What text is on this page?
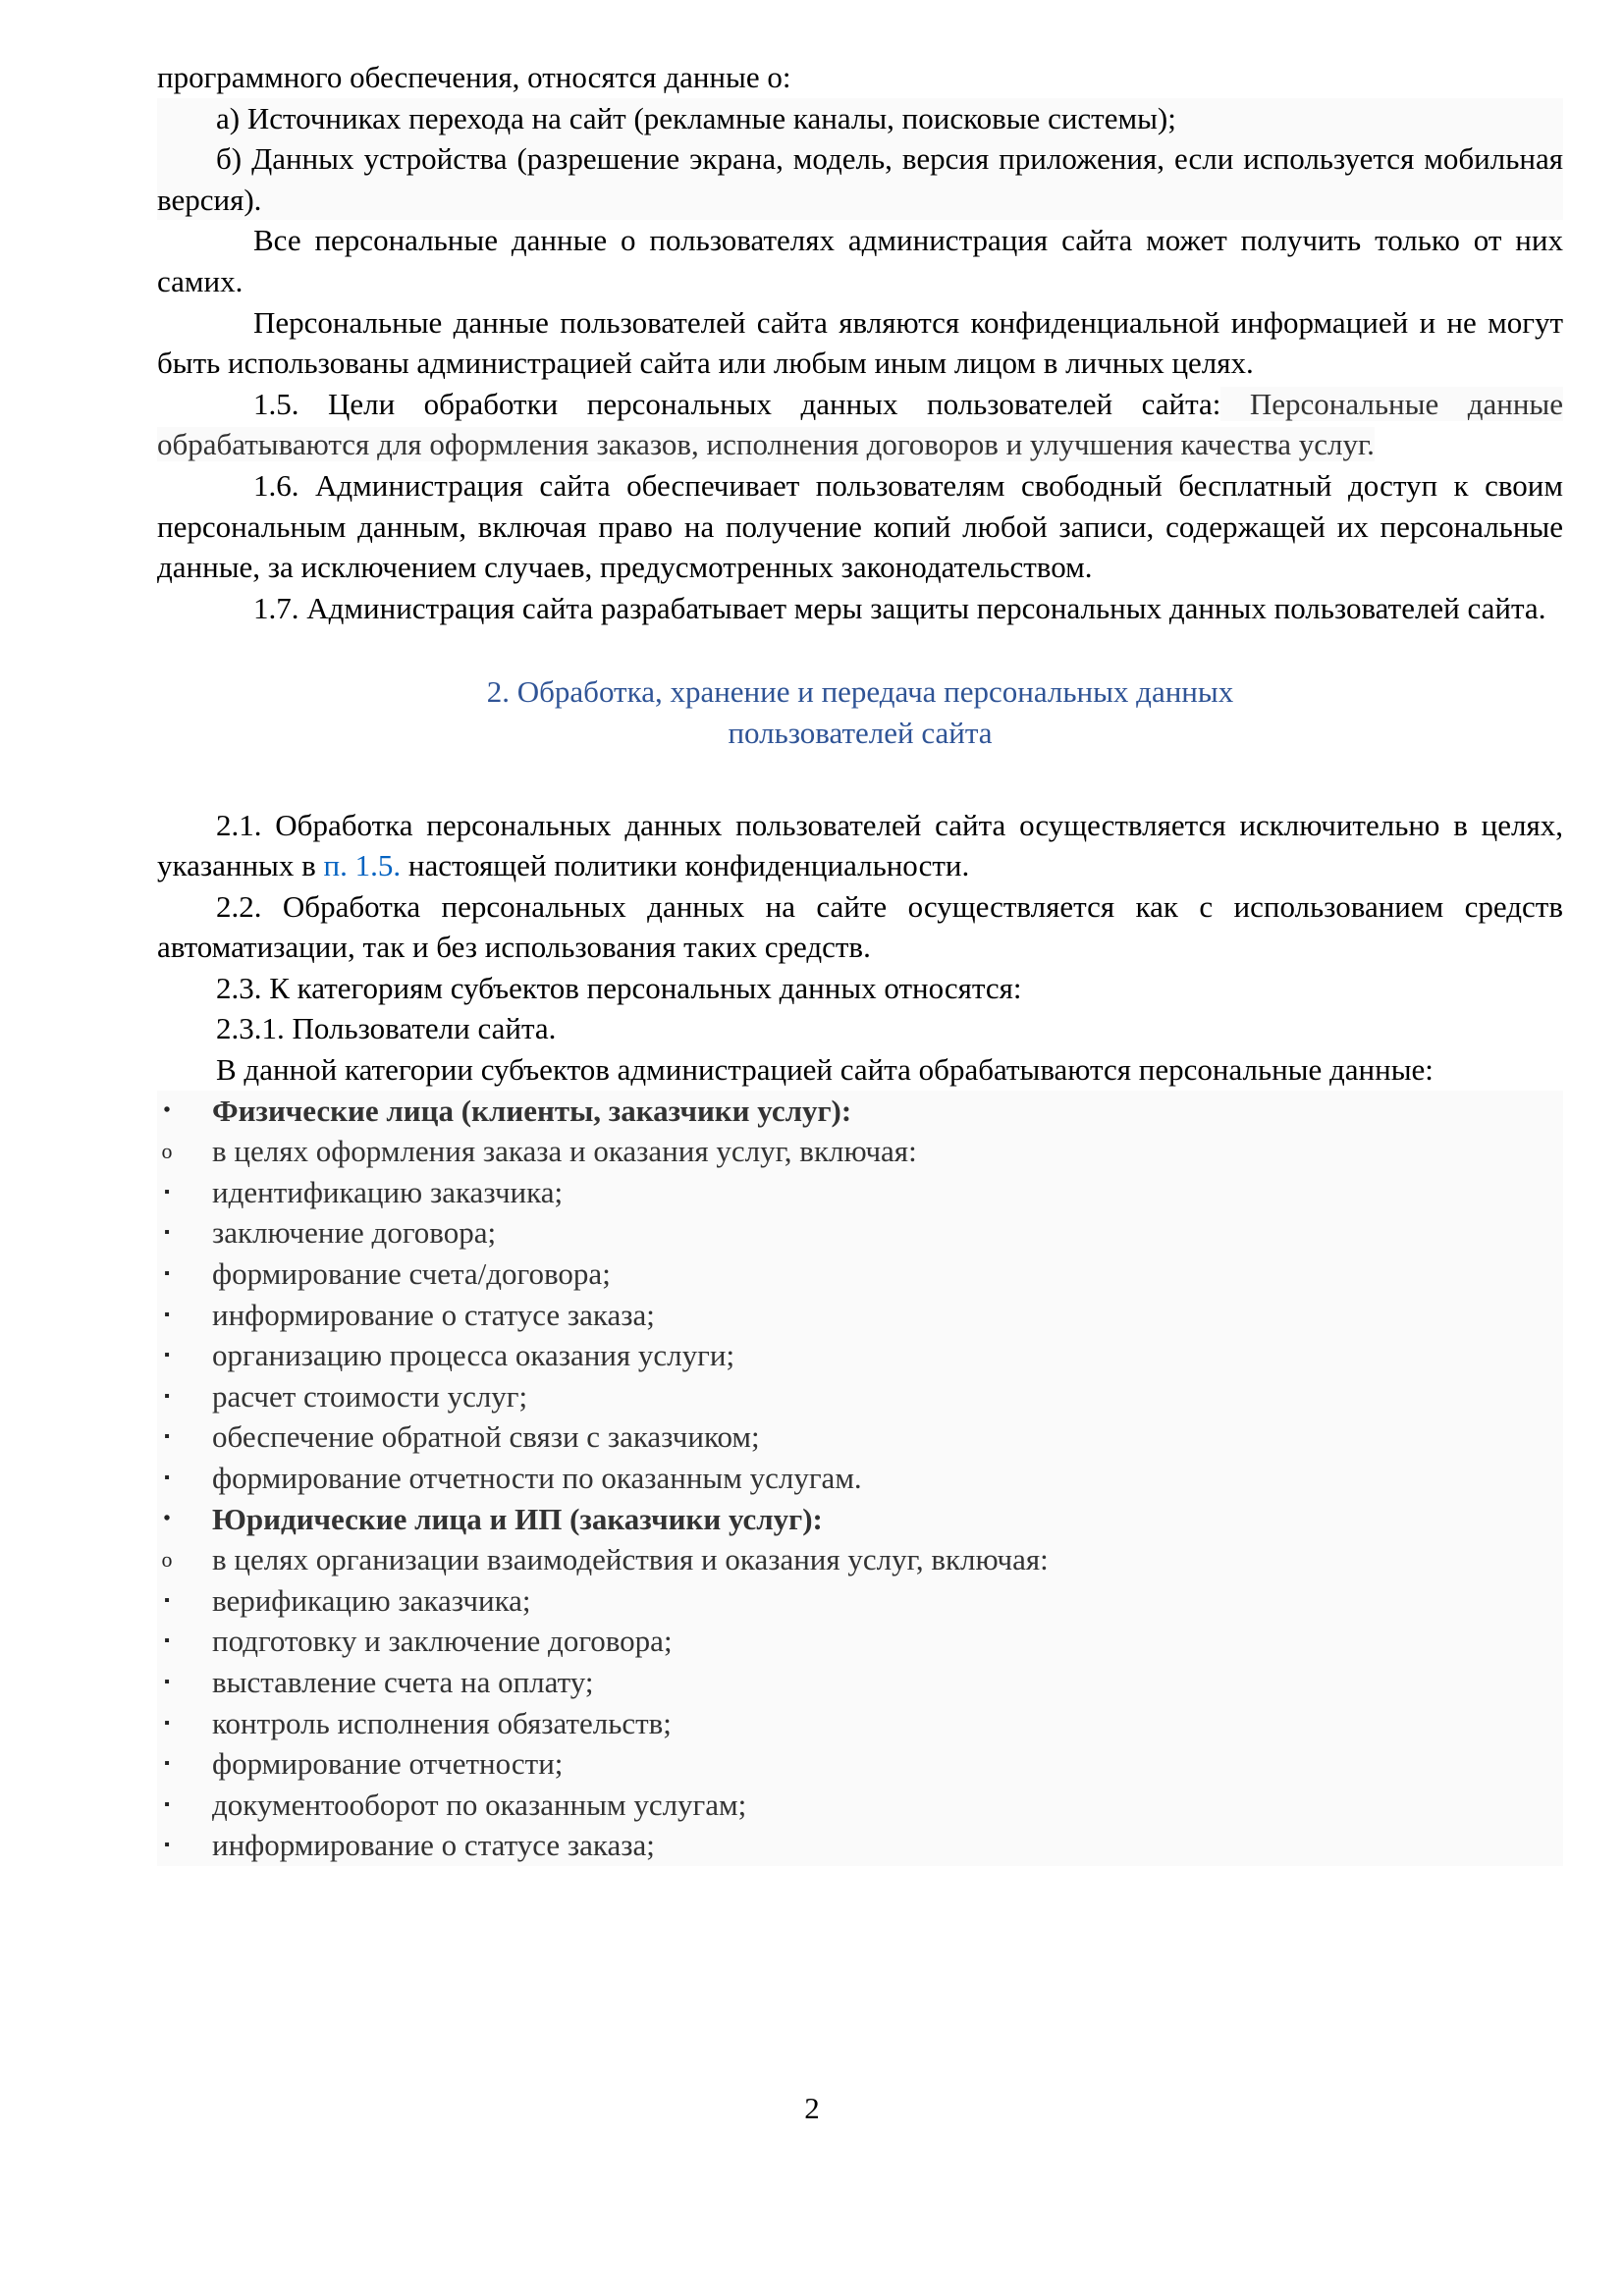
программного обеспечения, относятся данные о:

а) Источниках перехода на сайт (рекламные каналы, поисковые системы);

б) Данных устройства (разрешение экрана, модель, версия приложения, если используется мобильная версия).

Все персональные данные о пользователях администрация сайта может получить только от них самих.

Персональные данные пользователей сайта являются конфиденциальной информацией и не могут быть использованы администрацией сайта или любым иным лицом в личных целях.

1.5. Цели обработки персональных данных пользователей сайта: Персональные данные обрабатываются для оформления заказов, исполнения договоров и улучшения качества услуг.

1.6. Администрация сайта обеспечивает пользователям свободный бесплатный доступ к своим персональным данным, включая право на получение копий любой записи, содержащей их персональные данные, за исключением случаев, предусмотренных законодательством.

1.7. Администрация сайта разрабатывает меры защиты персональных данных пользователей сайта.

2. Обработка, хранение и передача персональных данных
пользователей сайта

2.1. Обработка персональных данных пользователей сайта осуществляется исключительно в целях, указанных в п. 1.5. настоящей политики конфиденциальности.

2.2. Обработка персональных данных на сайте осуществляется как с использованием средств автоматизации, так и без использования таких средств.

2.3. К категориям субъектов персональных данных относятся:

2.3.1. Пользователи сайта.

В данной категории субъектов администрацией сайта обрабатываются персональные данные:

• Физические лица (клиенты, заказчики услуг):
o в целях оформления заказа и оказания услуг, включая:
▪ идентификацию заказчика;
▪ заключение договора;
▪ формирование счета/договора;
▪ информирование о статусе заказа;
▪ организацию процесса оказания услуги;
▪ расчет стоимости услуг;
▪ обеспечение обратной связи с заказчиком;
▪ формирование отчетности по оказанным услугам.
• Юридические лица и ИП (заказчики услуг):
o в целях организации взаимодействия и оказания услуг, включая:
▪ верификацию заказчика;
▪ подготовку и заключение договора;
▪ выставление счета на оплату;
▪ контроль исполнения обязательств;
▪ формирование отчетности;
▪ документооборот по оказанным услугам;
▪ информирование о статусе заказа;
2
